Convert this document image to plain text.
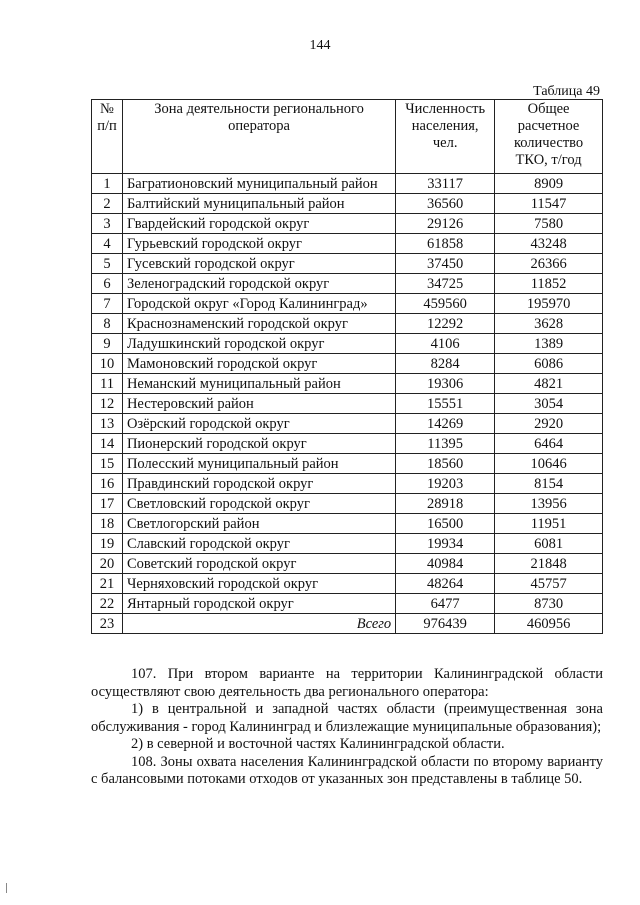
144
Таблица 49
№ п/п	Зона деятельности регионального оператора	Численность населения, чел.	Общее расчетное количество ТКО, т/год
1	Багратионовский муниципальный район	33117	8909
2	Балтийский муниципальный район	36560	11547
3	Гвардейский городской округ	29126	7580
4	Гурьевский городской округ	61858	43248
5	Гусевский городской округ	37450	26366
6	Зеленоградский городской округ	34725	11852
7	Городской округ «Город Калининград»	459560	195970
8	Краснознаменский городской округ	12292	3628
9	Ладушкинский городской округ	4106	1389
10	Мамоновский городской округ	8284	6086
11	Неманский муниципальный район	19306	4821
12	Нестеровский район	15551	3054
13	Озёрский городской округ	14269	2920
14	Пионерский городской округ	11395	6464
15	Полесский муниципальный район	18560	10646
16	Правдинский городской округ	19203	8154
17	Светловский городской округ	28918	13956
18	Светлогорский район	16500	11951
19	Славский городской округ	19934	6081
20	Советский городской округ	40984	21848
21	Черняховский городской округ	48264	45757
22	Янтарный городской округ	6477	8730
23	Всего	976439	460956

107. При втором варианте на территории Калининградской области осуществляют свою деятельность два регионального оператора:

1) в центральной и западной частях области (преимущественная зона обслуживания - город Калининград и близлежащие муниципальные образования);

2) в северной и восточной частях Калининградской области.

108. Зоны охвата населения Калининградской области по второму варианту с балансовыми потоками отходов от указанных зон представлены в таблице 50.
